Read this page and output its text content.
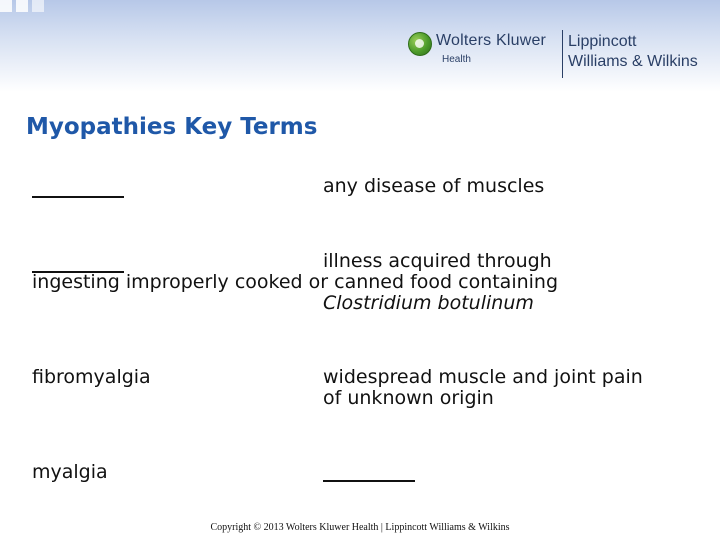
Wolters Kluwer
Health
Lippincott
Williams & Wilkins
Myopathies Key Terms
any disease of muscles
illness acquired through
ingesting improperly cooked or canned food containing
Clostridium botulinum
fibromyalgia	widespread muscle and joint pain
of unknown origin
myalgia
Copyright © 2013 Wolters Kluwer Health | Lippincott Williams & Wilkins
